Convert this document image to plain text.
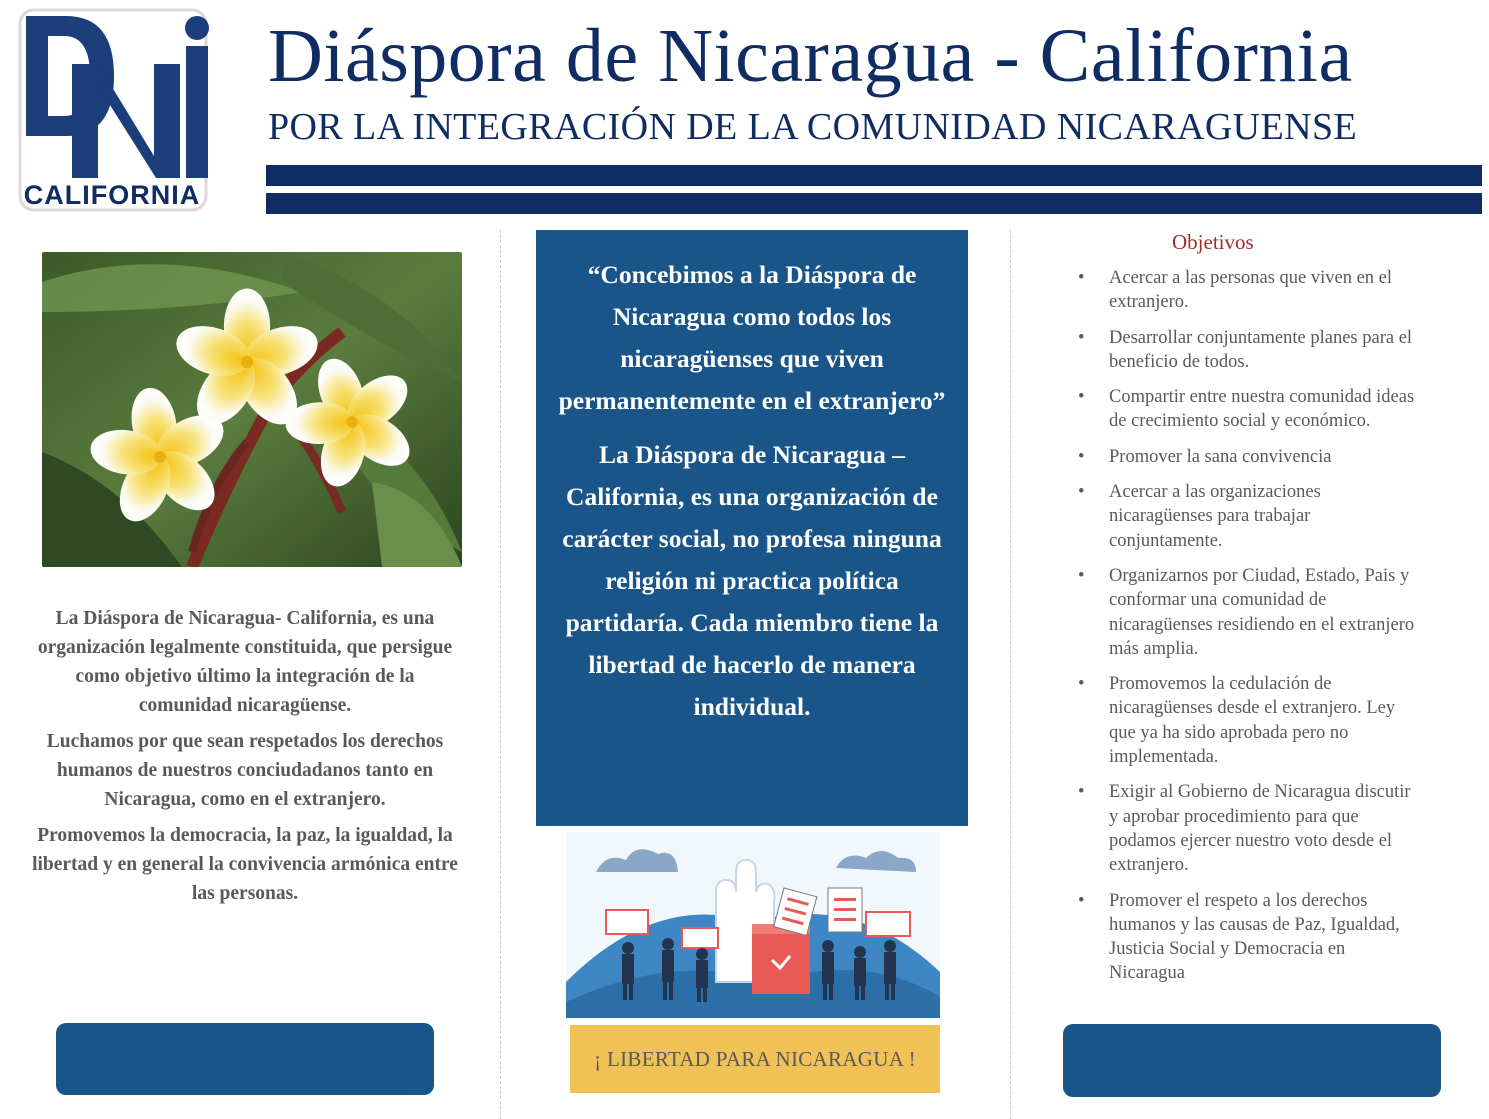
CALIFORNIA
Diáspora de Nicaragua - California
POR LA INTEGRACIÓN DE LA COMUNIDAD NICARAGUENSE

La Diáspora de Nicaragua- California, es una organización legalmente constituida, que persigue como objetivo último la integración de la comunidad nicaragüense.

Luchamos por que sean respetados los derechos humanos de nuestros conciudadanos tanto en Nicaragua, como en el extranjero.

Promovemos la democracia, la paz, la igualdad, la libertad y en general la convivencia armónica entre las personas.

“Concebimos a la Diáspora de Nicaragua como todos los nicaragüenses que viven permanentemente en el extranjero”

La Diáspora de Nicaragua – California, es una organización de carácter social, no profesa ninguna religión ni practica política partidaría. Cada miembro tiene la libertad de hacerlo de manera individual.

¡ LIBERTAD PARA NICARAGUA !
Objetivos
• Acercar a las personas que viven en el extranjero.
• Desarrollar conjuntamente planes para el beneficio de todos.
• Compartir entre nuestra comunidad ideas de crecimiento social y económico.
• Promover la sana convivencia
• Acercar a las organizaciones nicaragüenses para trabajar conjuntamente.
• Organizarnos por Ciudad, Estado, Pais y conformar una comunidad de nicaragüenses residiendo en el extranjero más amplia.
• Promovemos la cedulación de nicaragüenses desde el extranjero. Ley que ya ha sido aprobada pero no implementada.
• Exigir al Gobierno de Nicaragua discutir y aprobar procedimiento para que podamos ejercer nuestro voto desde el extranjero.
• Promover el respeto a los derechos humanos y las causas de Paz, Igualdad, Justicia Social y Democracia en Nicaragua
